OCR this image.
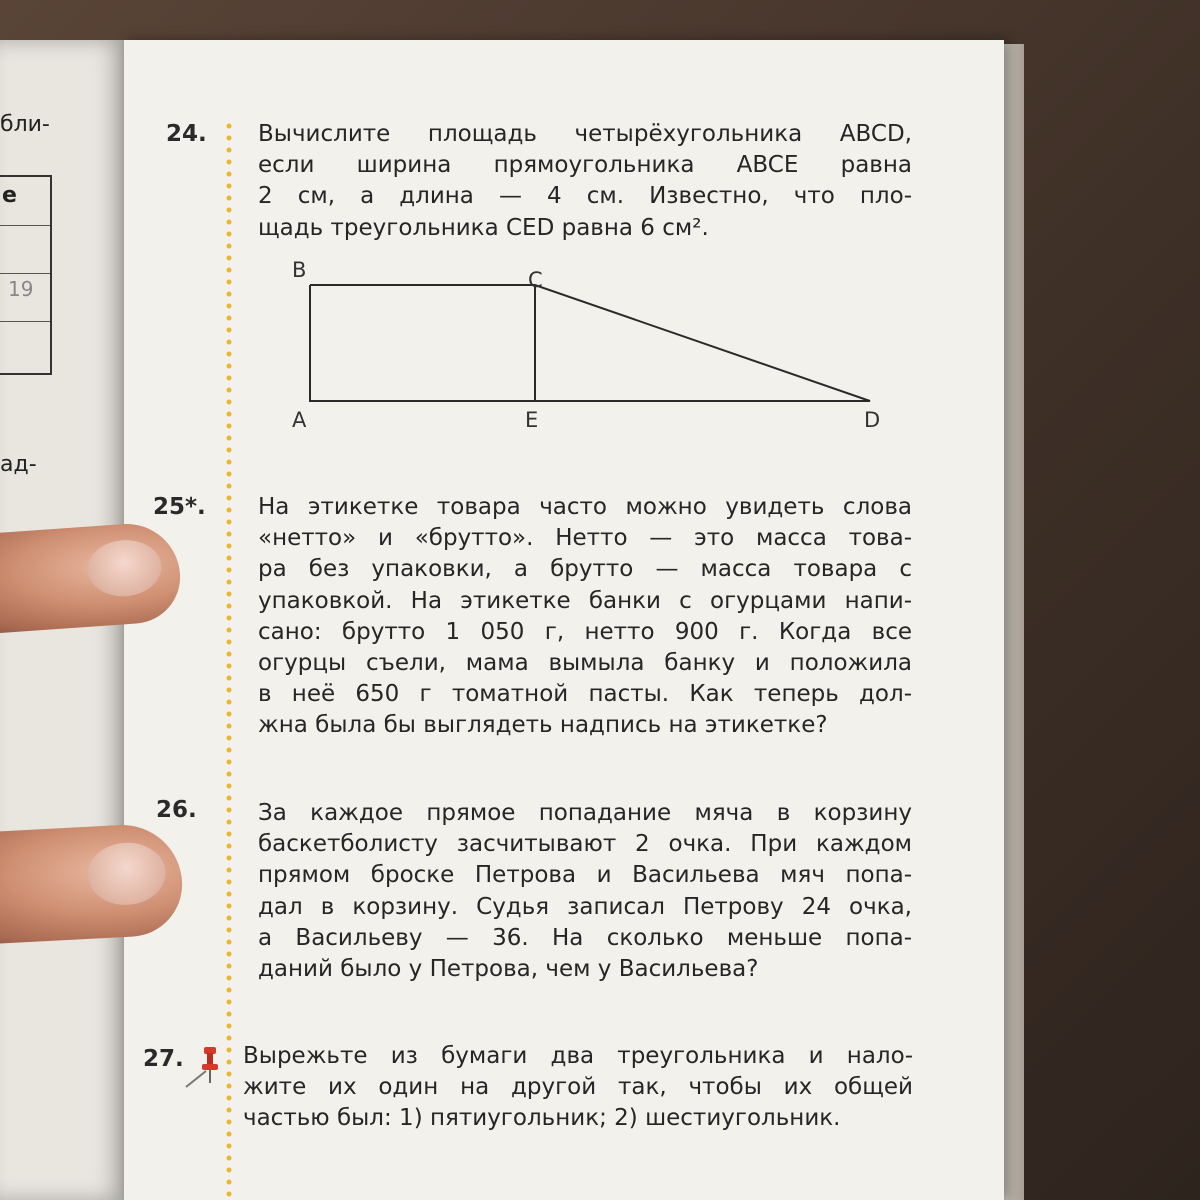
бли-
е
19
ад-
24. Вычислите площадь четырёхугольника ABCD,
если ширина прямоугольника ABCE равна
2 см, а длина — 4 см. Известно, что пло-
щадь треугольника CED равна 6 см².
B	C
A	E	D
25*. На этикетке товара часто можно увидеть слова
«нетто» и «брутто». Нетто — это масса това-
ра без упаковки, а брутто — масса товара с
упаковкой. На этикетке банки с огурцами напи-
сано: брутто 1 050 г, нетто 900 г. Когда все
огурцы съели, мама вымыла банку и положила
в неё 650 г томатной пасты. Как теперь дол-
жна была бы выглядеть надпись на этикетке?
26.	За каждое прямое попадание мяча в корзину
баскетболисту засчитывают 2 очка. При каждом
прямом броске Петрова и Васильева мяч попа-
дал в корзину. Судья записал Петрову 24 очка,
а Васильеву — 36. На сколько меньше попа-
даний было у Петрова, чем у Васильева?
27.	Вырежьте из бумаги два треугольника и нало-
жите их один на другой так, чтобы их общей
частью был: 1) пятиугольник; 2) шестиугольник.
